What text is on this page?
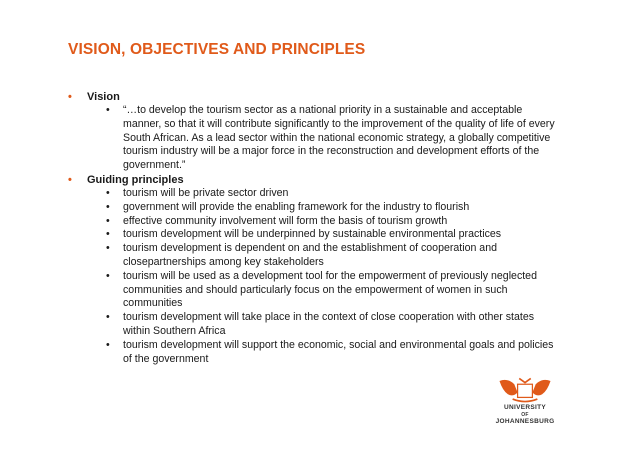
VISION, OBJECTIVES AND PRINCIPLES
• Vision
• “…to develop the tourism sector as a national priority in a sustainable and acceptable
manner, so that it will contribute significantly to the improvement of the quality of life of every
South African. As a lead sector within the national economic strategy, a globally competitive
tourism industry will be a major force in the reconstruction and development efforts of the
government.”
• Guiding principles
• tourism will be private sector driven
• government will provide the enabling framework for the industry to flourish
• effective community involvement will form the basis of tourism growth
• tourism development will be underpinned by sustainable environmental practices
• tourism development is dependent on and the establishment of cooperation and
closepartnerships among key stakeholders
• tourism will be used as a development tool for the empowerment of previously neglected
communities and should particularly focus on the empowerment of women in such
communities
• tourism development will take place in the context of close cooperation with other states
within Southern Africa
• tourism development will support the economic, social and environmental goals and policies
of the government
UNIVERSITY
OF
JOHANNESBURG
